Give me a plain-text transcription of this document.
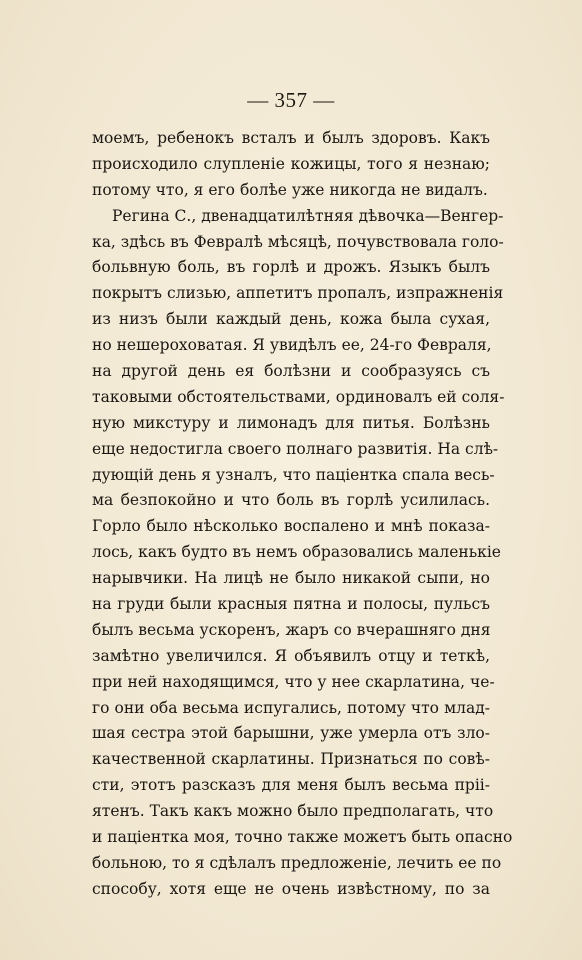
— 357 —
моемъ, ребенокъ всталъ и былъ здоровъ. Какъ
происходило слупленіе кожицы, того я незнаю;
потому что, я его болѣе уже никогда не видалъ.
Регина С., двенадцатилѣтняя дѣвочка—Венгер-
ка, здѣсь въ Февралѣ мѣсяцѣ, почувствовала голо-
больвную боль, въ горлѣ и дрожъ. Языкъ былъ
покрытъ слизью, аппетитъ пропалъ, изпражненія
из низъ были каждый день, кожа была сухая,
но нешероховатая. Я увидѣлъ ее, 24-го Февраля,
на другой день ея болѣзни и сообразуясь съ
таковыми обстоятельствами, ординовалъ ей соля-
ную микстуру и лимонадъ для питья. Болѣзнь
еще недостигла своего полнаго развитія. На слѣ-
дующій день я узналъ, что паціентка спала весь-
ма безпокойно и что боль въ горлѣ усилилась.
Горло было нѣсколько воспалено и мнѣ показа-
лось, какъ будто въ немъ образовались маленькіе
нарывчики. На лицѣ не было никакой сыпи, но
на груди были красныя пятна и полосы, пульсъ
былъ весьма ускоренъ, жаръ со вчерашняго дня
замѣтно увеличился. Я объявилъ отцу и теткѣ,
при ней находящимся, что у нее скарлатина, че-
го они оба весьма испугались, потому что млад-
шая сестра этой барышни, уже умерла отъ зло-
качественной скарлатины. Признаться по совѣ-
сти, этотъ разсказъ для меня былъ весьма пріі-
ятенъ. Такъ какъ можно было предполагать, что
и паціентка моя, точно также можетъ быть опасно
больною, то я сдѣлалъ предложеніе, лечить ее по
способу, хотя еще не очень извѣстному, по за
